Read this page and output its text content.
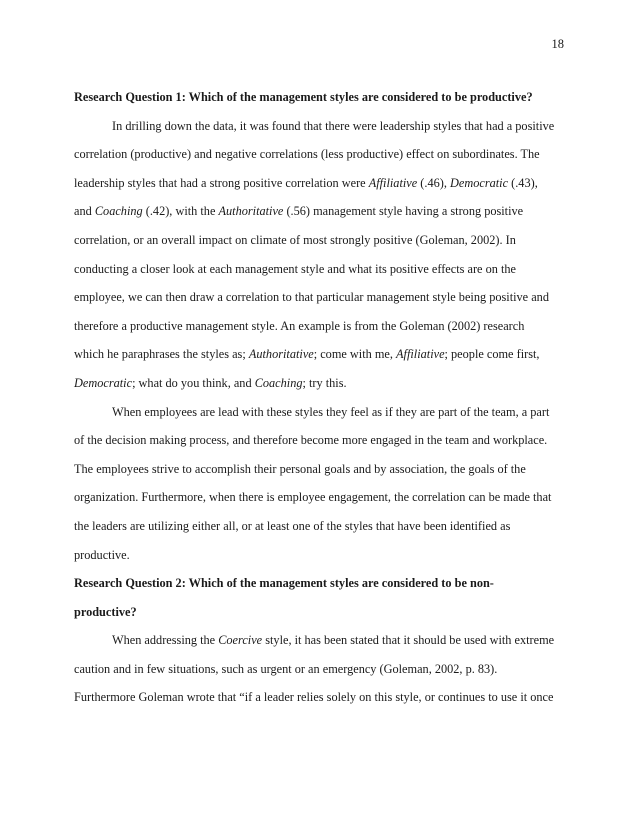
18
Research Question 1: Which of the management styles are considered to be productive?
In drilling down the data, it was found that there were leadership styles that had a positive
correlation (productive) and negative correlations (less productive) effect on subordinates. The
leadership styles that had a strong positive correlation were Affiliative (.46), Democratic (.43),
and Coaching (.42), with the Authoritative (.56) management style having a strong positive
correlation, or an overall impact on climate of most strongly positive (Goleman, 2002). In
conducting a closer look at each management style and what its positive effects are on the
employee, we can then draw a correlation to that particular management style being positive and
therefore a productive management style. An example is from the Goleman (2002) research
which he paraphrases the styles as; Authoritative; come with me, Affiliative; people come first,
Democratic; what do you think, and Coaching; try this.
When employees are lead with these styles they feel as if they are part of the team, a part
of the decision making process, and therefore become more engaged in the team and workplace.
The employees strive to accomplish their personal goals and by association, the goals of the
organization. Furthermore, when there is employee engagement, the correlation can be made that
the leaders are utilizing either all, or at least one of the styles that have been identified as
productive.
Research Question 2: Which of the management styles are considered to be non-
productive?
When addressing the Coercive style, it has been stated that it should be used with extreme
caution and in few situations, such as urgent or an emergency (Goleman, 2002, p. 83).
Furthermore Goleman wrote that “if a leader relies solely on this style, or continues to use it once
